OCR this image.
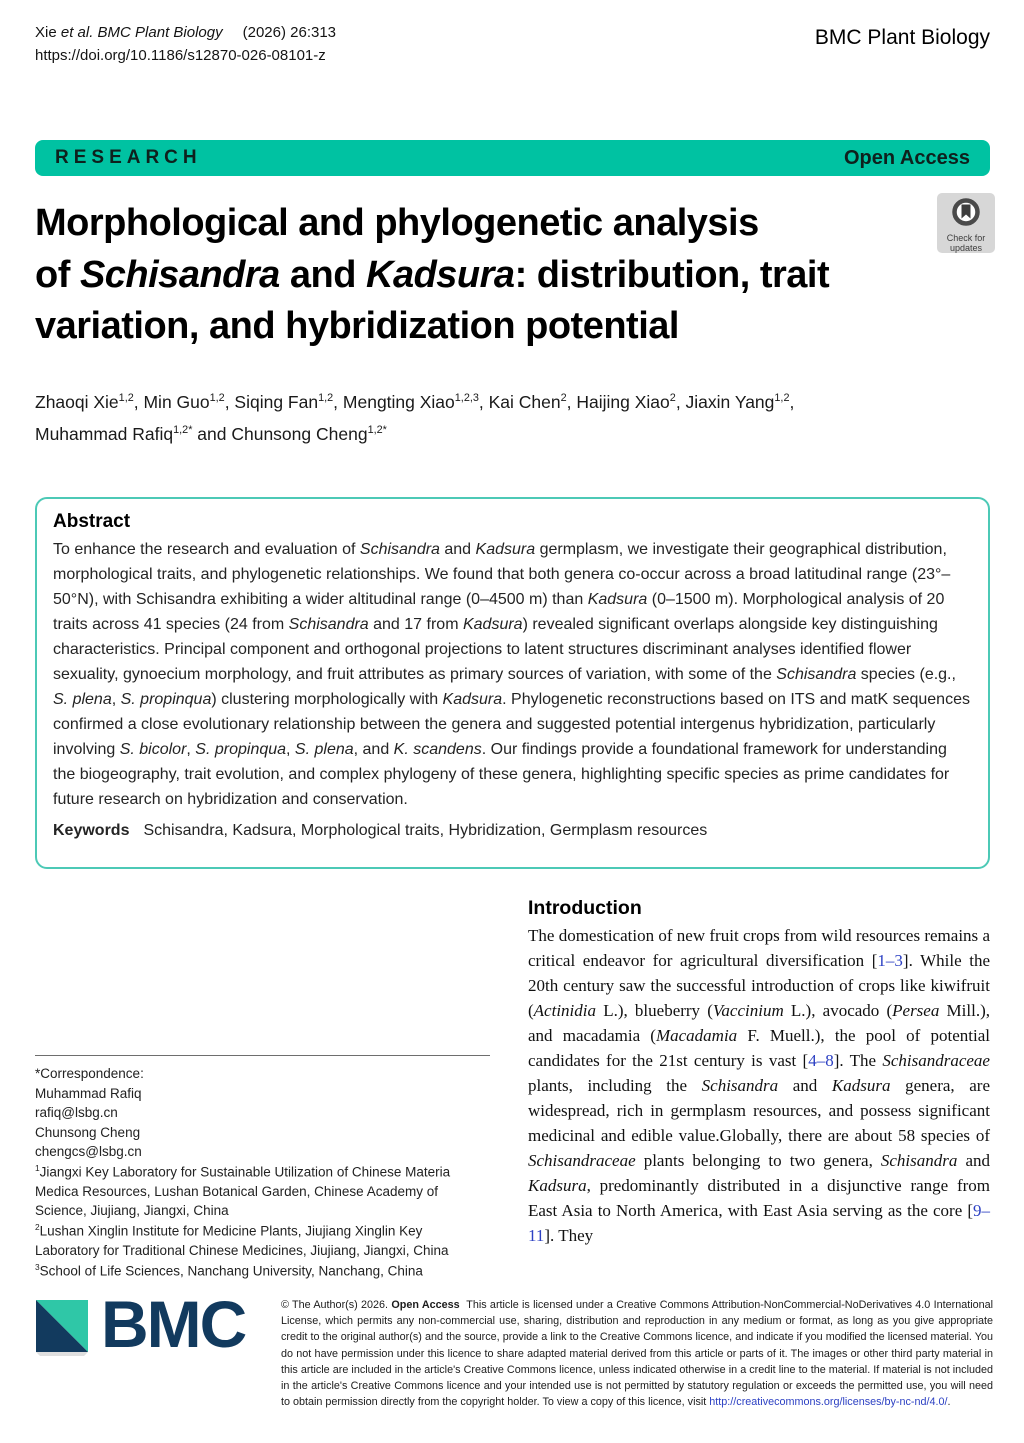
Xie et al. BMC Plant Biology (2026) 26:313
https://doi.org/10.1186/s12870-026-08101-z
BMC Plant Biology
RESEARCH	Open Access
Check for
updates
Morphological and phylogenetic analysis
of Schisandra and Kadsura: distribution, trait
variation, and hybridization potential
Zhaoqi Xie$^{1,2}$, Min Guo$^{1,2}$, Siqing Fan$^{1,2}$, Mengting Xiao$^{1,2,3}$, Kai Chen$^2$, Haijing Xiao$^2$, Jiaxin Yang$^{1,2}$,
Muhammad Rafiq$^{1,2*}$ and Chunsong Cheng$^{1,2*}$
Abstract
To enhance the research and evaluation of Schisandra and Kadsura germplasm, we investigate their geographical distribution, morphological traits, and phylogenetic relationships. We found that both genera co-occur across a broad latitudinal range (23°–50°N), with Schisandra exhibiting a wider altitudinal range (0–4500 m) than Kadsura (0–1500 m). Morphological analysis of 20 traits across 41 species (24 from Schisandra and 17 from Kadsura) revealed significant overlaps alongside key distinguishing characteristics. Principal component and orthogonal projections to latent structures discriminant analyses identified flower sexuality, gynoecium morphology, and fruit attributes as primary sources of variation, with some of the Schisandra species (e.g., S. plena, S. propinqua) clustering morphologically with Kadsura. Phylogenetic reconstructions based on ITS and matK sequences confirmed a close evolutionary relationship between the genera and suggested potential intergenus hybridization, particularly involving S. bicolor, S. propinqua, S. plena, and K. scandens. Our findings provide a foundational framework for understanding the biogeography, trait evolution, and complex phylogeny of these genera, highlighting specific species as prime candidates for future research on hybridization and conservation.
Keywords Schisandra, Kadsura, Morphological traits, Hybridization, Germplasm resources
*Correspondence:
Muhammad Rafiq
rafiq@lsbg.cn
Chunsong Cheng
chengcs@lsbg.cn
$^1$Jiangxi Key Laboratory for Sustainable Utilization of Chinese Materia Medica Resources, Lushan Botanical Garden, Chinese Academy of Science, Jiujiang, Jiangxi, China
$^2$Lushan Xinglin Institute for Medicine Plants, Jiujiang Xinglin Key Laboratory for Traditional Chinese Medicines, Jiujiang, Jiangxi, China
$^3$School of Life Sciences, Nanchang University, Nanchang, China
Introduction
The domestication of new fruit crops from wild resources remains a critical endeavor for agricultural diversification [1–3]. While the 20th century saw the successful introduction of crops like kiwifruit (Actinidia L.), blueberry (Vaccinium L.), avocado (Persea Mill.), and macadamia (Macadamia F. Muell.), the pool of potential candidates for the 21st century is vast [4–8]. The Schisandraceae plants, including the Schisandra and Kadsura genera, are widespread, rich in germplasm resources, and possess significant medicinal and edible value.Globally, there are about 58 species of Schisandraceae plants belonging to two genera, Schisandra and Kadsura, predominantly distributed in a disjunctive range from East Asia to North America, with East Asia serving as the core [9–11]. They
BMC	© The Author(s) 2026. Open Access  This article is licensed under a Creative Commons Attribution-NonCommercial-NoDerivatives 4.0 International License, which permits any non-commercial use, sharing, distribution and reproduction in any medium or format, as long as you give appropriate credit to the original author(s) and the source, provide a link to the Creative Commons licence, and indicate if you modified the licensed material. You do not have permission under this licence to share adapted material derived from this article or parts of it. The images or other third party material in this article are included in the article's Creative Commons licence, unless indicated otherwise in a credit line to the material. If material is not included in the article's Creative Commons licence and your intended use is not permitted by statutory regulation or exceeds the permitted use, you will need to obtain permission directly from the copyright holder. To view a copy of this licence, visit http://creativecommons.org/licenses/by-nc-nd/4.0/.
